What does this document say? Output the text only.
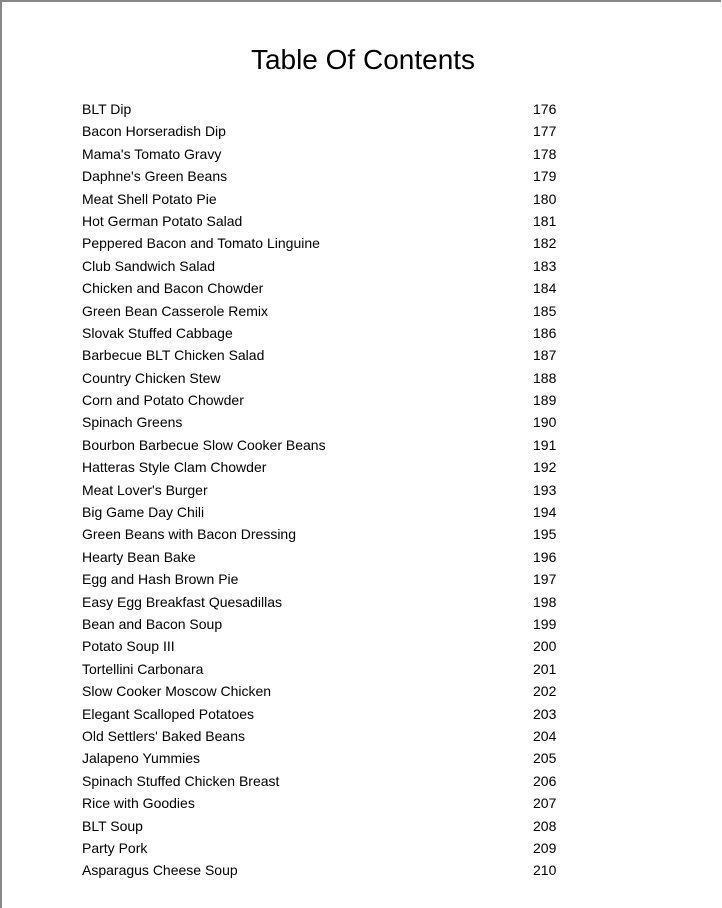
Table Of Contents
BLT Dip	176
Bacon Horseradish Dip	177
Mama's Tomato Gravy	178
Daphne's Green Beans	179
Meat Shell Potato Pie	180
Hot German Potato Salad	181
Peppered Bacon and Tomato Linguine	182
Club Sandwich Salad	183
Chicken and Bacon Chowder	184
Green Bean Casserole Remix	185
Slovak Stuffed Cabbage	186
Barbecue BLT Chicken Salad	187
Country Chicken Stew	188
Corn and Potato Chowder	189
Spinach Greens	190
Bourbon Barbecue Slow Cooker Beans	191
Hatteras Style Clam Chowder	192
Meat Lover's Burger	193
Big Game Day Chili	194
Green Beans with Bacon Dressing	195
Hearty Bean Bake	196
Egg and Hash Brown Pie	197
Easy Egg Breakfast Quesadillas	198
Bean and Bacon Soup	199
Potato Soup III	200
Tortellini Carbonara	201
Slow Cooker Moscow Chicken	202
Elegant Scalloped Potatoes	203
Old Settlers' Baked Beans	204
Jalapeno Yummies	205
Spinach Stuffed Chicken Breast	206
Rice with Goodies	207
BLT Soup	208
Party Pork	209
Asparagus Cheese Soup	210
